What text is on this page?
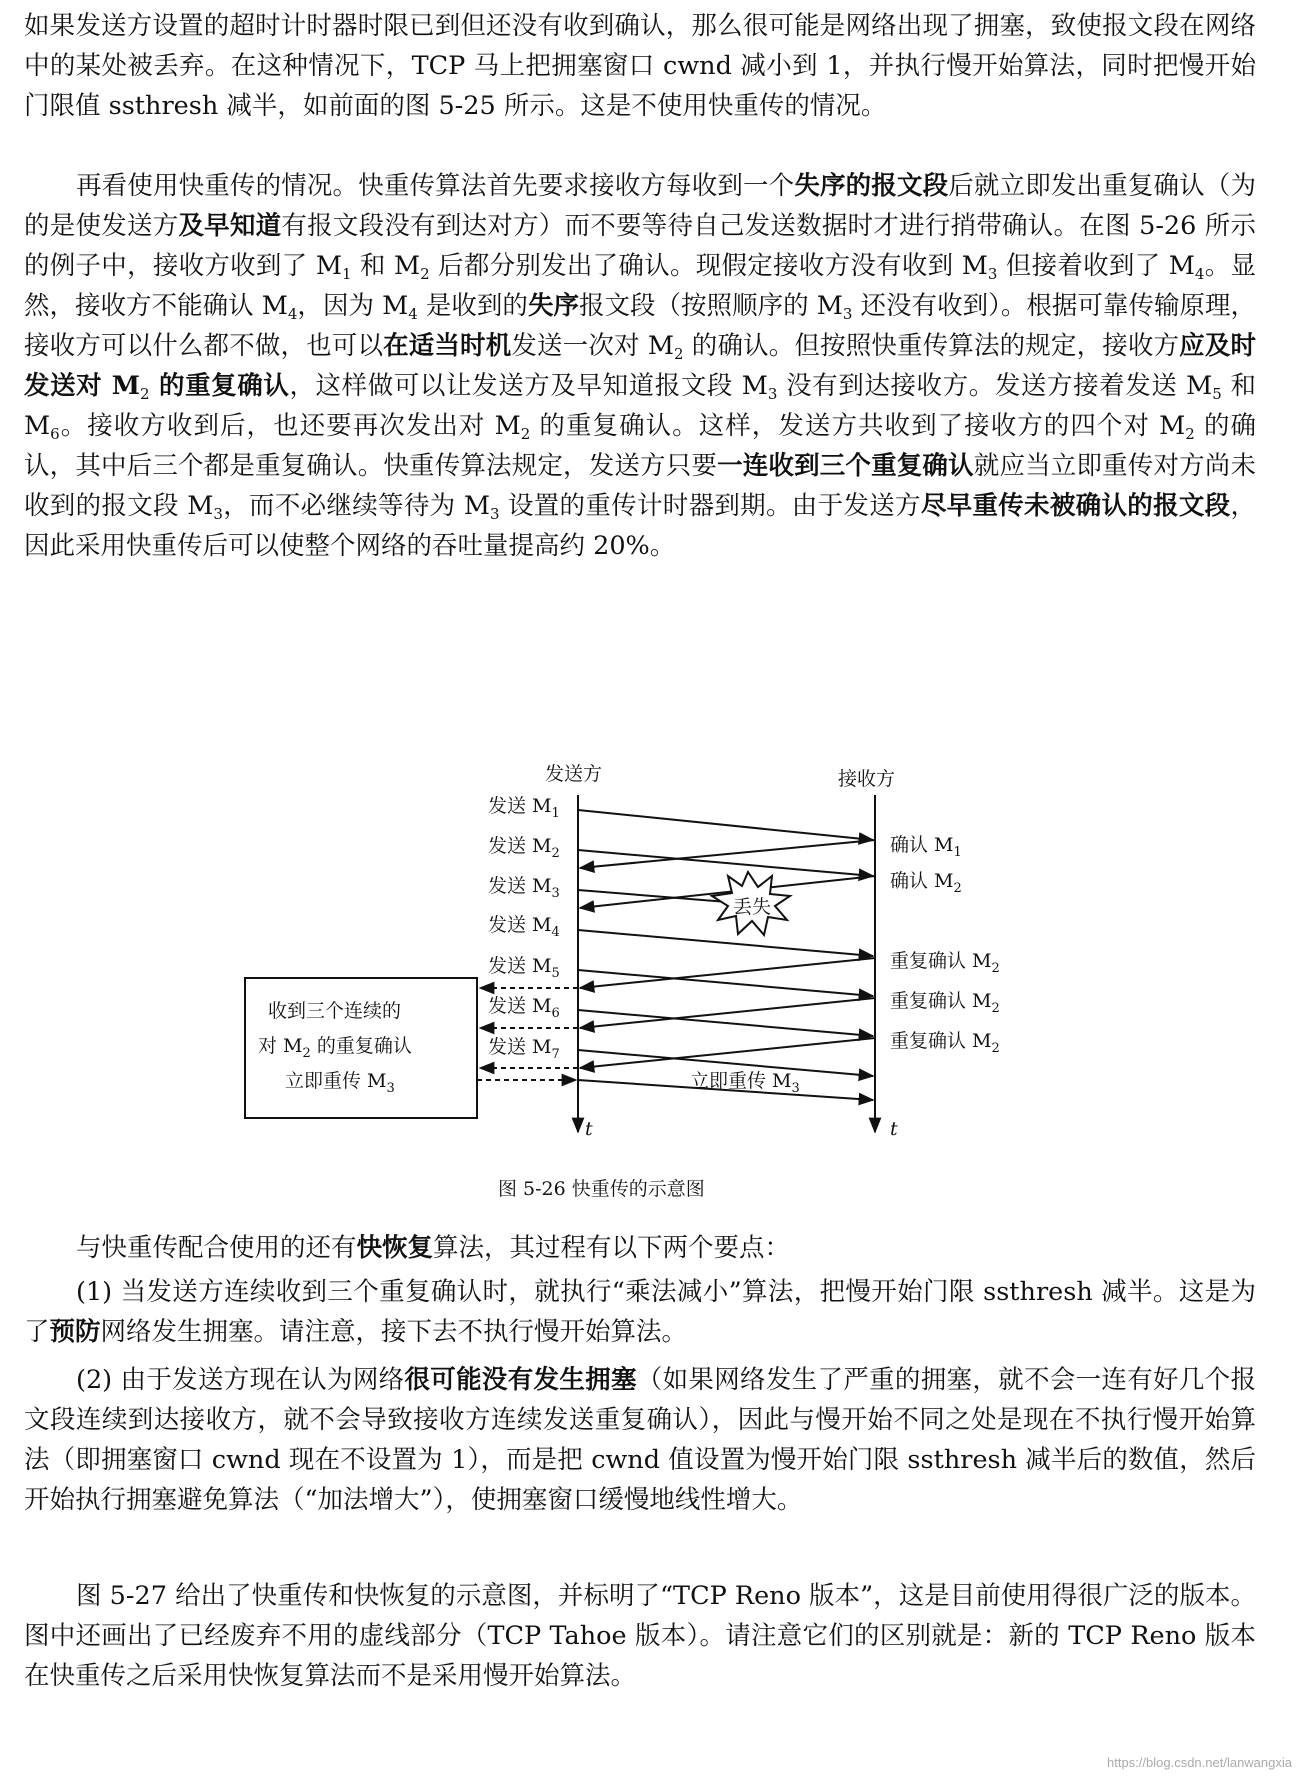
如果发送方设置的超时计时器时限已到但还没有收到确认，那么很可能是网络出现了拥塞，致使报文段在网络中的某处被丢弃。在这种情况下，TCP 马上把拥塞窗口 cwnd 减小到 1，并执行慢开始算法，同时把慢开始门限值 ssthresh 减半，如前面的图 5-25 所示。这是不使用快重传的情况。

再看使用快重传的情况。快重传算法首先要求接收方每收到一个失序的报文段后就立即发出重复确认（为的是使发送方及早知道有报文段没有到达对方）而不要等待自己发送数据时才进行捎带确认。在图 5-26 所示的例子中，接收方收到了 $M_1$ 和 $M_2$ 后都分别发出了确认。现假定接收方没有收到 $M_3$ 但接着收到了 $M_4$。显然，接收方不能确认 $M_4$，因为 $M_4$ 是收到的失序报文段（按照顺序的 $M_3$ 还没有收到）。根据可靠传输原理，接收方可以什么都不做，也可以在适当时机发送一次对 $M_2$ 的确认。但按照快重传算法的规定，接收方应及时发送对 $M_2$ 的重复确认，这样做可以让发送方及早知道报文段 $M_3$ 没有到达接收方。发送方接着发送 $M_5$ 和 $M_6$。接收方收到后，也还要再次发出对 $M_2$ 的重复确认。这样，发送方共收到了接收方的四个对 $M_2$ 的确认，其中后三个都是重复确认。快重传算法规定，发送方只要一连收到三个重复确认就应当立即重传对方尚未收到的报文段 $M_3$，而不必继续等待为 $M_3$ 设置的重传计时器到期。由于发送方尽早重传未被确认的报文段，因此采用快重传后可以使整个网络的吞吐量提高约 20%。

发送方	接收方
t	t
发送 $M_1$
发送 $M_2$
发送 $M_3$
发送 $M_4$
发送 $M_5$
发送 $M_6$
发送 $M_7$
确认 $M_1$
确认 $M_2$
重复确认 $M_2$
重复确认 $M_2$
重复确认 $M_2$
丢失
收到三个连续的
对 $M_2$ 的重复确认
立即重传 $M_3$	立即重传 $M_3$
图 5-26 快重传的示意图

与快重传配合使用的还有快恢复算法，其过程有以下两个要点：

(1) 当发送方连续收到三个重复确认时，就执行“乘法减小”算法，把慢开始门限 ssthresh 减半。这是为了预防网络发生拥塞。请注意，接下去不执行慢开始算法。

(2) 由于发送方现在认为网络很可能没有发生拥塞（如果网络发生了严重的拥塞，就不会一连有好几个报文段连续到达接收方，就不会导致接收方连续发送重复确认），因此与慢开始不同之处是现在不执行慢开始算法（即拥塞窗口 cwnd 现在不设置为 1），而是把 cwnd 值设置为慢开始门限 ssthresh 减半后的数值，然后开始执行拥塞避免算法（“加法增大”），使拥塞窗口缓慢地线性增大。

图 5-27 给出了快重传和快恢复的示意图，并标明了“TCP Reno 版本”，这是目前使用得很广泛的版本。图中还画出了已经废弃不用的虚线部分（TCP Tahoe 版本）。请注意它们的区别就是：新的 TCP Reno 版本在快重传之后采用快恢复算法而不是采用慢开始算法。

https://blog.csdn.net/lanwangxia
